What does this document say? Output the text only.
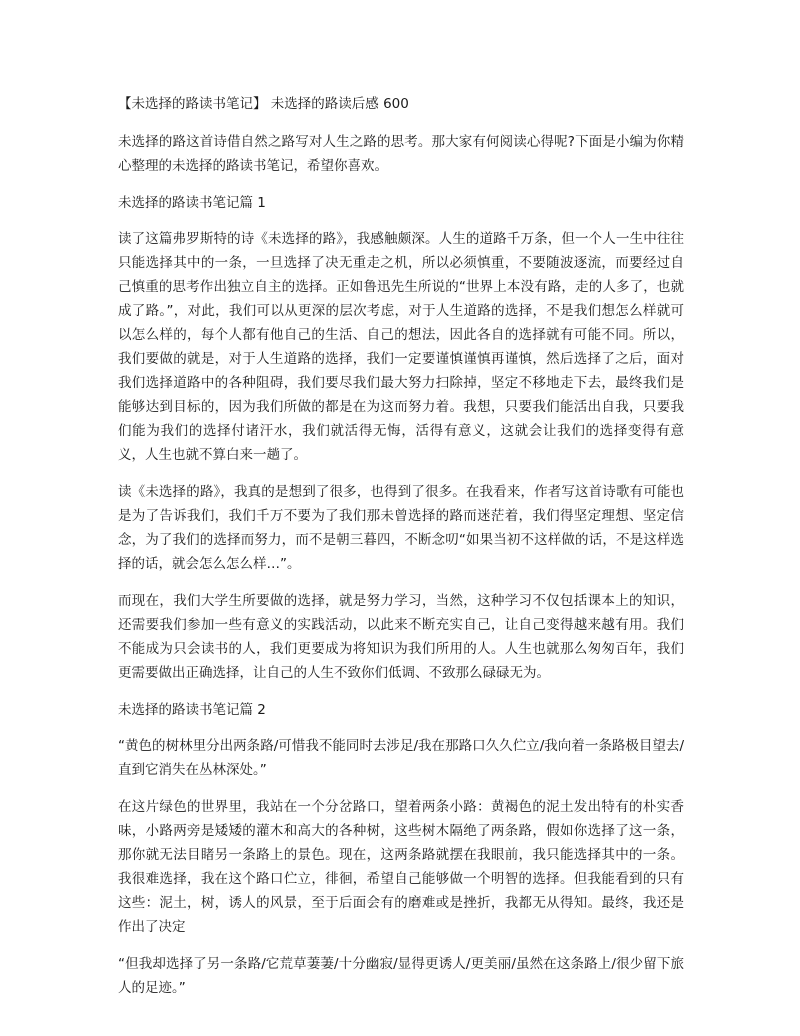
【未选择的路读书笔记】 未选择的路读后感 600

未选择的路这首诗借自然之路写对人生之路的思考。那大家有何阅读心得呢?下面是小编为你精心整理的未选择的路读书笔记，希望你喜欢。

未选择的路读书笔记篇 1

读了这篇弗罗斯特的诗《未选择的路》，我感触颇深。人生的道路千万条，但一个人一生中往往只能选择其中的一条，一旦选择了决无重走之机，所以必须慎重，不要随波逐流，而要经过自己慎重的思考作出独立自主的选择。正如鲁迅先生所说的“世界上本没有路，走的人多了，也就成了路。”，对此，我们可以从更深的层次考虑，对于人生道路的选择，不是我们想怎么样就可以怎么样的，每个人都有他自己的生活、自己的想法，因此各自的选择就有可能不同。所以，我们要做的就是，对于人生道路的选择，我们一定要谨慎谨慎再谨慎，然后选择了之后，面对我们选择道路中的各种阻碍，我们要尽我们最大努力扫除掉，坚定不移地走下去，最终我们是能够达到目标的，因为我们所做的都是在为这而努力着。我想，只要我们能活出自我，只要我们能为我们的选择付诸汗水，我们就活得无悔，活得有意义，这就会让我们的选择变得有意义，人生也就不算白来一趟了。

读《未选择的路》，我真的是想到了很多，也得到了很多。在我看来，作者写这首诗歌有可能也是为了告诉我们，我们千万不要为了我们那未曾选择的路而迷茫着，我们得坚定理想、坚定信念，为了我们的选择而努力，而不是朝三暮四，不断念叨“如果当初不这样做的话，不是这样选择的话，就会怎么怎么样…”。

而现在，我们大学生所要做的选择，就是努力学习，当然，这种学习不仅包括课本上的知识，还需要我们参加一些有意义的实践活动，以此来不断充实自己，让自己变得越来越有用。我们不能成为只会读书的人，我们更要成为将知识为我们所用的人。人生也就那么匆匆百年，我们更需要做出正确选择，让自己的人生不致你们低调、不致那么碌碌无为。

未选择的路读书笔记篇 2

“黄色的树林里分出两条路/可惜我不能同时去涉足/我在那路口久久伫立/我向着一条路极目望去/直到它消失在丛林深处。”

在这片绿色的世界里，我站在一个分岔路口，望着两条小路：黄褐色的泥土发出特有的朴实香味，小路两旁是矮矮的灌木和高大的各种树，这些树木隔绝了两条路，假如你选择了这一条，那你就无法目睹另一条路上的景色。现在，这两条路就摆在我眼前，我只能选择其中的一条。我很难选择，我在这个路口伫立，徘徊，希望自己能够做一个明智的选择。但我能看到的只有这些：泥土，树，诱人的风景，至于后面会有的磨难或是挫折，我都无从得知。最终，我还是作出了决定

“但我却选择了另一条路/它荒草萋萋/十分幽寂/显得更诱人/更美丽/虽然在这条路上/很少留下旅人的足迹。”
